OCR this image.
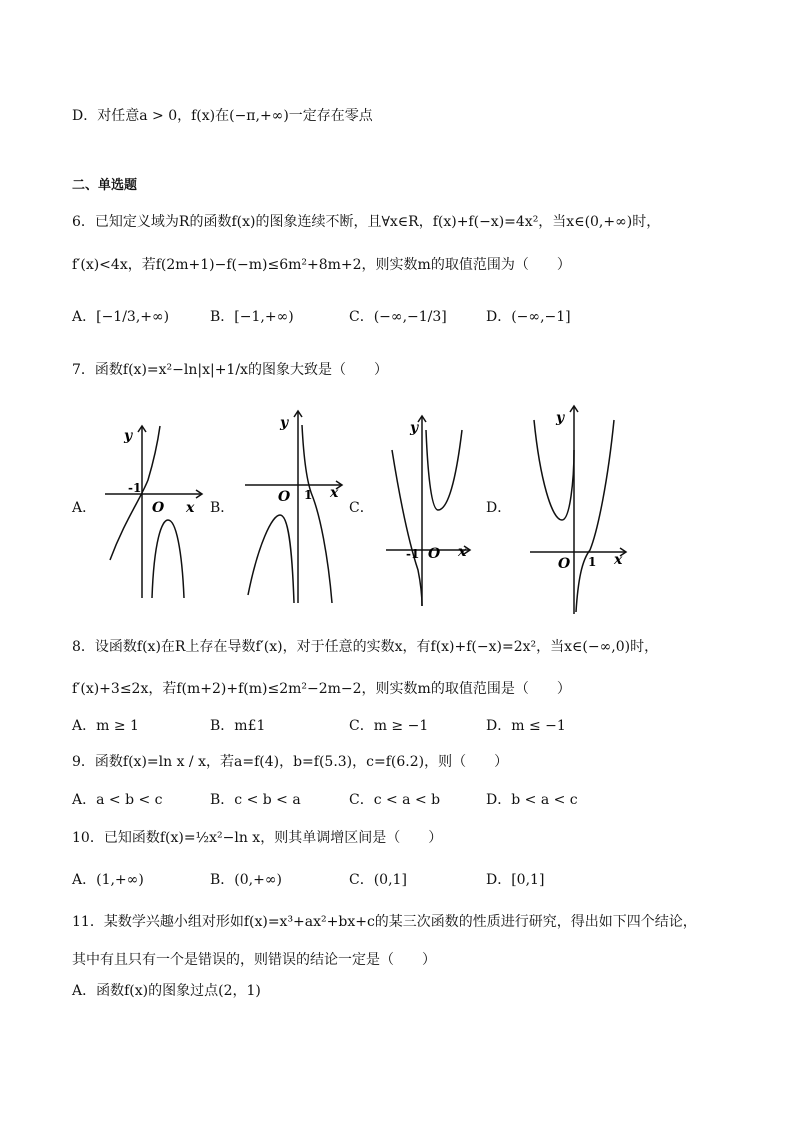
D．对任意a > 0，f(x)在(−π,+∞)一定存在零点
二、单选题
6．已知定义域为R的函数f(x)的图象连续不断，且∀x∈R，f(x)+f(−x)=4x²，当x∈(0,+∞)时，
f′(x)<4x，若f(2m+1)−f(−m)≤6m²+8m+2，则实数m的取值范围为（　　）
A．[−1/3,+∞)	B．[−1,+∞)	C．(−∞,−1/3]	D．(−∞,−1]
7．函数f(x)=x²−ln|x|+1/x的图象大致是（　　）
A．	B．	C．	D．
y
x
O
-1
y
x
O 1
y
x
O
-1
y
x
O 1
8．设函数f(x)在R上存在导数f′(x)，对于任意的实数x，有f(x)+f(−x)=2x²，当x∈(−∞,0)时，
f′(x)+3≤2x，若f(m+2)+f(m)≤2m²−2m−2，则实数m的取值范围是（　　）
A．m ≥ 1	B．m£1	C．m ≥ −1	D．m ≤ −1
9．函数f(x)=ln x / x，若a=f(4)，b=f(5.3)，c=f(6.2)，则（　　）
A．a < b < c	B．c < b < a	C．c < a < b	D．b < a < c
10．已知函数f(x)=½x²−ln x，则其单调增区间是（　　）
A．(1,+∞)	B．(0,+∞)	C．(0,1]	D．[0,1]
11．某数学兴趣小组对形如f(x)=x³+ax²+bx+c的某三次函数的性质进行研究，得出如下四个结论，
其中有且只有一个是错误的，则错误的结论一定是（　　）
A．函数f(x)的图象过点(2，1)
